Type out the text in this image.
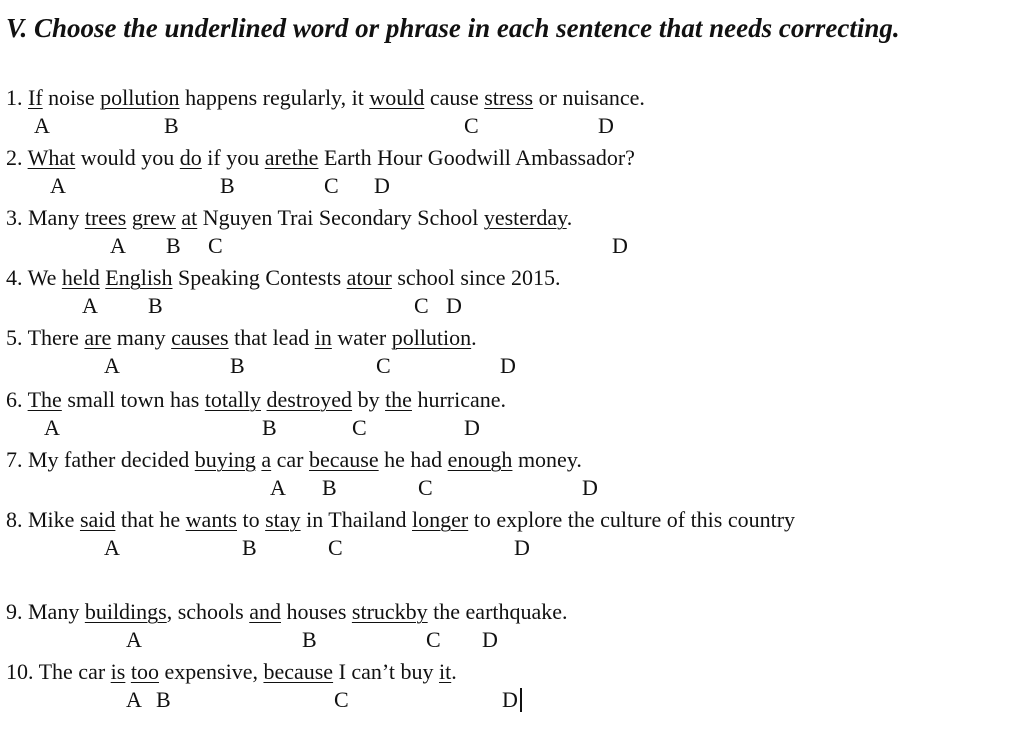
V. Choose the underlined word or phrase in each sentence that needs correcting.
1. If noise pollution happens regularly, it would cause stress or nuisance.
A	B	C	D
2. What would you do if you arethe Earth Hour Goodwill Ambassador?
A	B	C D
3. Many trees grew at Nguyen Trai Secondary School yesterday.
A B C	D
4. We held English Speaking Contests atour school since 2015.
A B	C D
5. There are many causes that lead in water pollution.
A	B	C	D
6. The small town has totally destroyed by the hurricane.
A	B	C	D
7. My father decided buying a car because he had enough money.
A B	C	D
8. Mike said that he wants to stay in Thailand longer to explore the culture of this country
A	B	C	D
9. Many buildings, schools and houses struckby the earthquake.
A	B	C D
10. The car is too expensive, because I can’t buy it.
A B	C	D
